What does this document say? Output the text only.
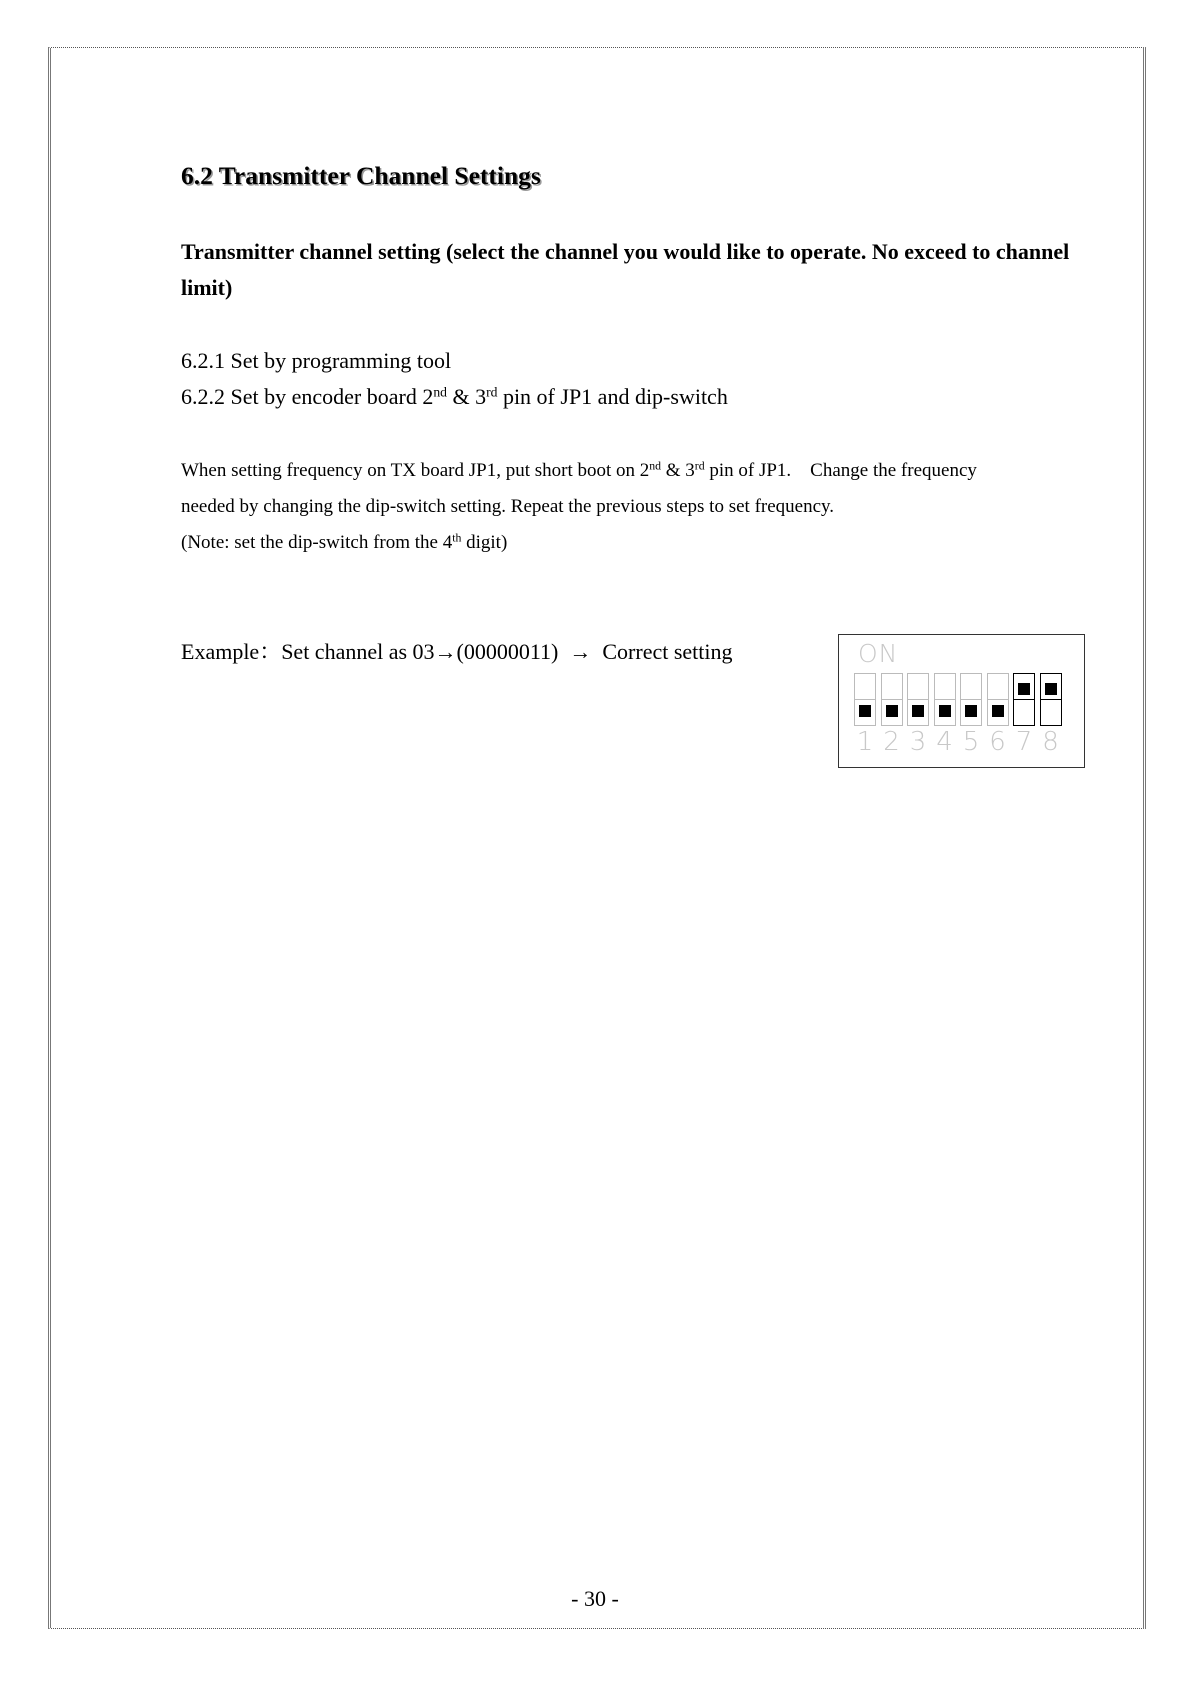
6.2 Transmitter Channel Settings

Transmitter channel setting (select the channel you would like to operate. No exceed to channel limit)

6.2.1 Set by programming tool

6.2.2 Set by encoder board 2nd & 3rd pin of JP1 and dip-switch

When setting frequency on TX board JP1, put short boot on 2nd & 3rd pin of JP1. Change the frequency
needed by changing the dip-switch setting. Repeat the previous steps to set frequency.
(Note: set the dip-switch from the 4th digit)

Example：Set channel as 03→(00000011)  →  Correct setting	ON
1 2 3 4 5 6 7 8

- 30 -
